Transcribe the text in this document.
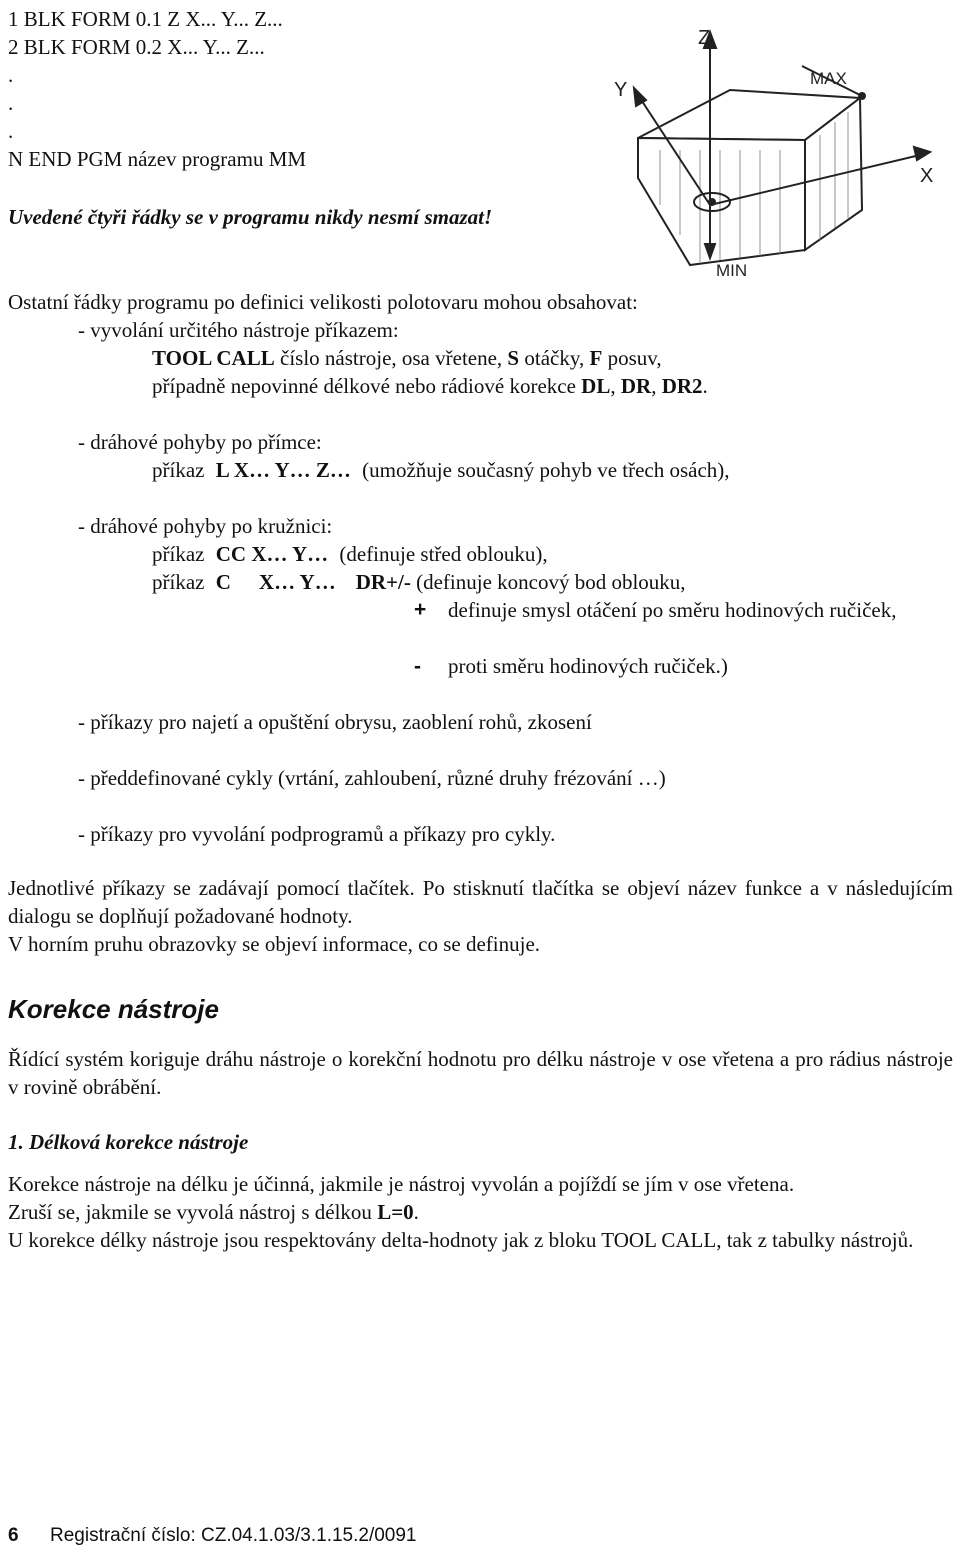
1 BLK FORM 0.1 Z X... Y... Z...
2 BLK FORM 0.2 X... Y... Z...
.
.
.
N END PGM název programu MM
Uvedené čtyři řádky se v programu nikdy nesmí smazat!
Z
Y
X
MAX
MIN
Ostatní řádky programu po definici velikosti polotovaru mohou obsahovat:
- vyvolání určitého nástroje příkazem:
TOOL CALL číslo nástroje, osa vřetene, S otáčky, F posuv,
případně nepovinné délkové nebo rádiové korekce DL, DR, DR2.
- dráhové pohyby po přímce:
příkaz L X… Y… Z… (umožňuje současný pohyb ve třech osách),
- dráhové pohyby po kružnici:
příkaz CC X… Y… (definuje střed oblouku),
příkaz C X… Y… DR+/- (definuje koncový bod oblouku,
+	definuje smysl otáčení po směru hodinových ručiček,
- proti směru hodinových ručiček.)
- příkazy pro najetí a opuštění obrysu, zaoblení rohů, zkosení
- předdefinované cykly (vrtání, zahloubení, různé druhy frézování …)
- příkazy pro vyvolání podprogramů a příkazy pro cykly.
Jednotlivé příkazy se zadávají pomocí tlačítek. Po stisknutí tlačítka se objeví název funkce a v následujícím dialogu se doplňují požadované hodnoty.
V horním pruhu obrazovky se objeví informace, co se definuje.
Korekce nástroje
Řídící systém koriguje dráhu nástroje o korekční hodnotu pro délku nástroje v ose vřetena a pro rádius nástroje v rovině obrábění.
1. Délková korekce nástroje
Korekce nástroje na délku je účinná, jakmile je nástroj vyvolán a pojíždí se jím v ose vřetena.
Zruší se, jakmile se vyvolá nástroj s délkou L=0.
U korekce délky nástroje jsou respektovány delta-hodnoty jak z bloku TOOL CALL, tak z tabulky nástrojů.
6 Registrační číslo: CZ.04.1.03/3.1.15.2/0091
